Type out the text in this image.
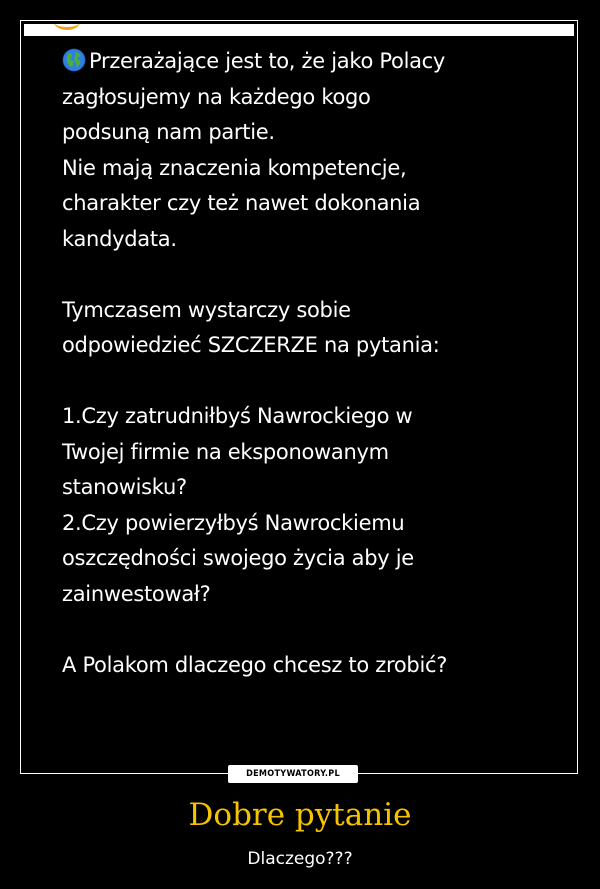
Przerażające jest to, że jako Polacy
zagłosujemy na każdego kogo
podsuną nam partie.
Nie mają znaczenia kompetencje,
charakter czy też nawet dokonania
kandydata.
Tymczasem wystarczy sobie
odpowiedzieć SZCZERZE na pytania:
1.Czy zatrudniłbyś Nawrockiego w
Twojej firmie na eksponowanym
stanowisku?
2.Czy powierzyłbyś Nawrockiemu
oszczędności swojego życia aby je
zainwestował?
A Polakom dlaczego chcesz to zrobić?
DEMOTYWATORY.PL
Dobre pytanie
Dlaczego???
